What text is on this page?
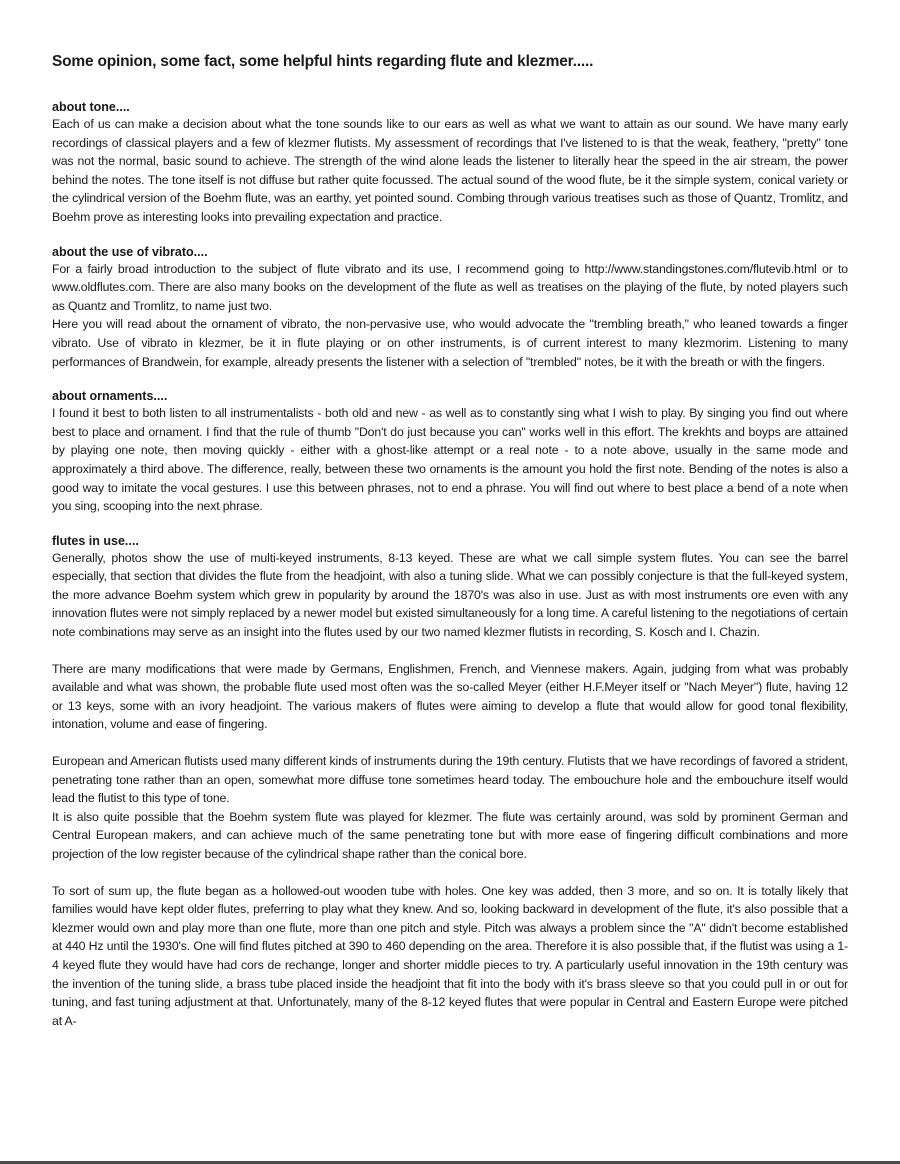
Some opinion, some fact, some helpful hints regarding flute and klezmer.....
about tone....

Each of us can make a decision about what the tone sounds like to our ears as well as what we want to attain as our sound. We have many early recordings of classical players and a few of klezmer flutists. My assessment of recordings that I've listened to is that the weak, feathery, "pretty" tone was not the normal, basic sound to achieve. The strength of the wind alone leads the listener to literally hear the speed in the air stream, the power behind the notes. The tone itself is not diffuse but rather quite focussed. The actual sound of the wood flute, be it the simple system, conical variety or the cylindrical version of the Boehm flute, was an earthy, yet pointed sound. Combing through various treatises such as those of Quantz, Tromlitz, and Boehm prove as interesting looks into prevailing expectation and practice.

about the use of vibrato....

For a fairly broad introduction to the subject of flute vibrato and its use, I recommend going to http://www.standingstones.com/flutevib.html or to www.oldflutes.com. There are also many books on the development of the flute as well as treatises on the playing of the flute, by noted players such as Quantz and Tromlitz, to name just two.

Here you will read about the ornament of vibrato, the non-pervasive use, who would advocate the "trembling breath," who leaned towards a finger vibrato. Use of vibrato in klezmer, be it in flute playing or on other instruments, is of current interest to many klezmorim. Listening to many performances of Brandwein, for example, already presents the listener with a selection of "trembled" notes, be it with the breath or with the fingers.

about ornaments....

I found it best to both listen to all instrumentalists - both old and new - as well as to constantly sing what I wish to play. By singing you find out where best to place and ornament. I find that the rule of thumb "Don't do just because you can" works well in this effort. The krekhts and boyps are attained by playing one note, then moving quickly - either with a ghost-like attempt or a real note - to a note above, usually in the same mode and approximately a third above. The difference, really, between these two ornaments is the amount you hold the first note. Bending of the notes is also a good way to imitate the vocal gestures. I use this between phrases, not to end a phrase. You will find out where to best place a bend of a note when you sing, scooping into the next phrase.

flutes in use....

Generally, photos show the use of multi-keyed instruments, 8-13 keyed. These are what we call simple system flutes. You can see the barrel especially, that section that divides the flute from the headjoint, with also a tuning slide. What we can possibly conjecture is that the full-keyed system, the more advance Boehm system which grew in popularity by around the 1870's was also in use. Just as with most instruments ore even with any innovation flutes were not simply replaced by a newer model but existed simultaneously for a long time. A careful listening to the negotiations of certain note combinations may serve as an insight into the flutes used by our two named klezmer flutists in recording, S. Kosch and I. Chazin.

There are many modifications that were made by Germans, Englishmen, French, and Viennese makers. Again, judging from what was probably available and what was shown, the probable flute used most often was the so-called Meyer (either H.F.Meyer itself or "Nach Meyer") flute, having 12 or 13 keys, some with an ivory headjoint. The various makers of flutes were aiming to develop a flute that would allow for good tonal flexibility, intonation, volume and ease of fingering.

European and American flutists used many different kinds of instruments during the 19th century. Flutists that we have recordings of favored a strident, penetrating tone rather than an open, somewhat more diffuse tone sometimes heard today. The embouchure hole and the embouchure itself would lead the flutist to this type of tone.

It is also quite possible that the Boehm system flute was played for klezmer. The flute was certainly around, was sold by prominent German and Central European makers, and can achieve much of the same penetrating tone but with more ease of fingering difficult combinations and more projection of the low register because of the cylindrical shape rather than the conical bore.

To sort of sum up, the flute began as a hollowed-out wooden tube with holes. One key was added, then 3 more, and so on. It is totally likely that families would have kept older flutes, preferring to play what they knew. And so, looking backward in development of the flute, it's also possible that a klezmer would own and play more than one flute, more than one pitch and style. Pitch was always a problem since the "A" didn't become established at 440 Hz until the 1930's. One will find flutes pitched at 390 to 460 depending on the area. Therefore it is also possible that, if the flutist was using a 1-4 keyed flute they would have had cors de rechange, longer and shorter middle pieces to try. A particularly useful innovation in the 19th century was the invention of the tuning slide, a brass tube placed inside the headjoint that fit into the body with it's brass sleeve so that you could pull in or out for tuning, and fast tuning adjustment at that. Unfortunately, many of the 8-12 keyed flutes that were popular in Central and Eastern Europe were pitched at A-
